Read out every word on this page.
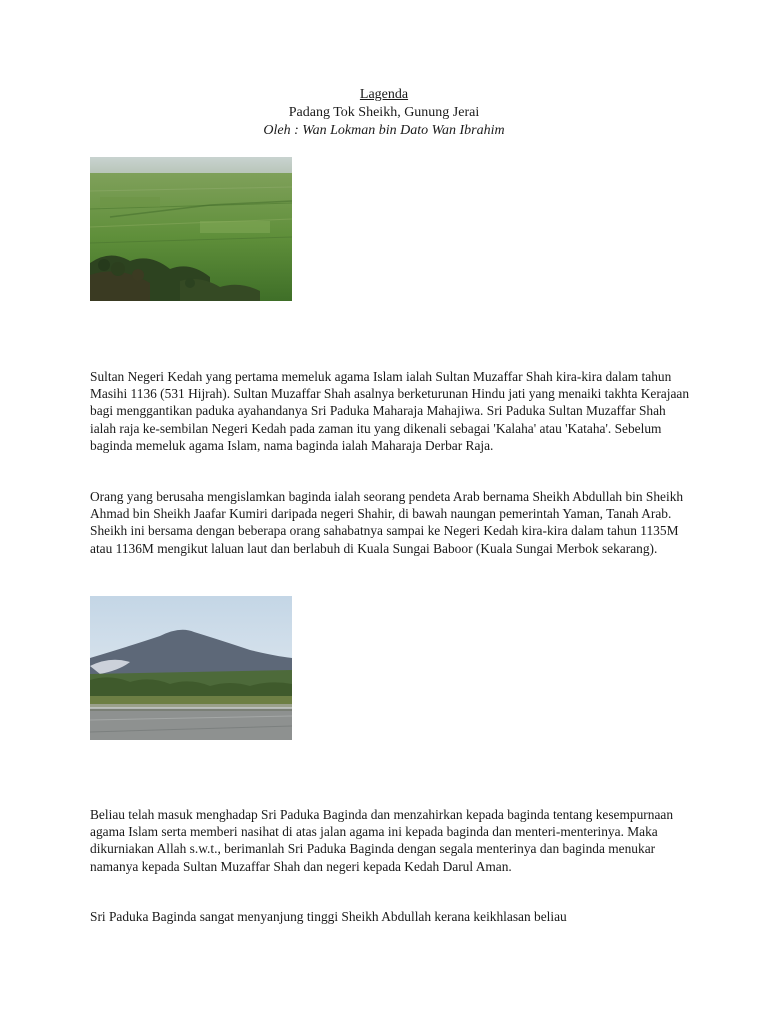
Lagenda
Padang Tok Sheikh, Gunung Jerai
Oleh : Wan Lokman bin Dato Wan Ibrahim

Sultan Negeri Kedah yang pertama memeluk agama Islam ialah Sultan Muzaffar Shah kira-kira dalam tahun Masihi 1136 (531 Hijrah). Sultan Muzaffar Shah asalnya berketurunan Hindu jati yang menaiki takhta Kerajaan bagi menggantikan paduka ayahandanya Sri Paduka Maharaja Mahajiwa. Sri Paduka Sultan Muzaffar Shah ialah raja ke-sembilan Negeri Kedah pada zaman itu yang dikenali sebagai 'Kalaha' atau 'Kataha'. Sebelum baginda memeluk agama Islam, nama baginda ialah Maharaja Derbar Raja.

Orang yang berusaha mengislamkan baginda ialah seorang pendeta Arab bernama Sheikh Abdullah bin Sheikh Ahmad bin Sheikh Jaafar Kumiri daripada negeri Shahir, di bawah naungan pemerintah Yaman, Tanah Arab. Sheikh ini bersama dengan beberapa orang sahabatnya sampai ke Negeri Kedah kira-kira dalam tahun 1135M atau 1136M mengikut laluan laut dan berlabuh di Kuala Sungai Baboor (Kuala Sungai Merbok sekarang).

Beliau telah masuk menghadap Sri Paduka Baginda dan menzahirkan kepada baginda tentang kesempurnaan agama Islam serta memberi nasihat di atas jalan agama ini kepada baginda dan menteri-menterinya. Maka dikurniakan Allah s.w.t., berimanlah Sri Paduka Baginda dengan segala menterinya dan baginda menukar namanya kepada Sultan Muzaffar Shah dan negeri kepada Kedah Darul Aman.

Sri Paduka Baginda sangat menyanjung tinggi Sheikh Abdullah kerana keikhlasan beliau
